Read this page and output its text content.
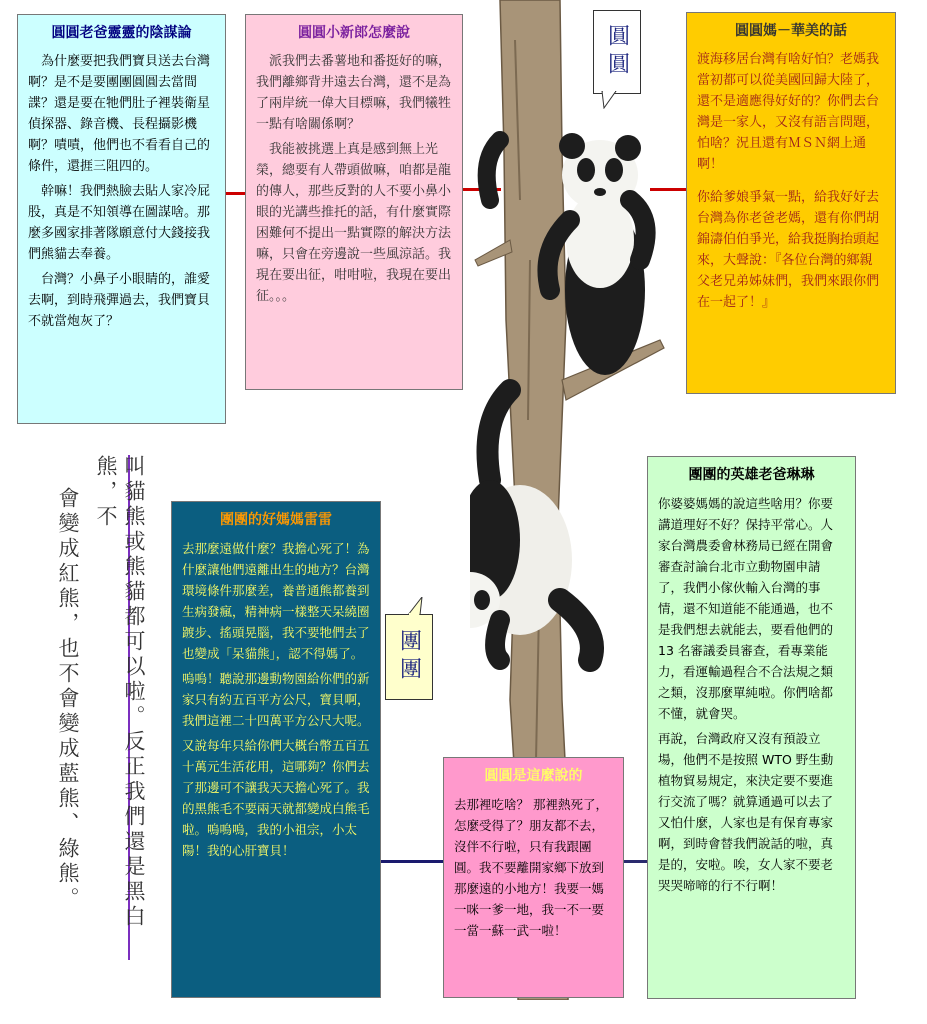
圓圓
團團
圓圓老爸靈靈的陰謀論

　為什麼要把我們寶貝送去台灣啊？是不是要團團圓圓去當間諜？還是要在牠們肚子裡裝衛星偵探器、錄音機、長程攝影機啊？嘖嘖，他們也不看看自己的條件，還捱三阻四的。

　幹嘛！我們熱臉去貼人家冷屁股，真是不知領導在圖謀啥。那麼多國家排著隊願意付大錢接我們熊貓去奉養。

　台灣？小鼻子小眼睛的，誰愛去啊，到時飛彈過去，我們寶貝不就當炮灰了？

圓圓小新郎怎麼說

　派我們去番薯地和番挺好的嘛，我們離鄉背井遠去台灣，還不是為了兩岸統一偉大目標嘛，我們犧牲一點有啥關係啊？

　我能被挑選上真是感到無上光榮，總要有人帶頭做嘛，咱都是龍的傳人，那些反對的人不要小鼻小眼的光講些推托的話，有什麼實際困難何不提出一點實際的解決方法嘛，只會在旁邊說一些風涼話。我現在要出征，咁咁啦，我現在要出征。。。

圓圓媽－華美的話

渡海移居台灣有啥好怕？老媽我當初都可以從美國回歸大陸了，還不是適應得好好的？你們去台灣是一家人，又沒有語言問題，怕啥？況且還有ＭＳＮ網上通啊！

你給爹娘爭氣一點，給我好好去台灣為你老爸老媽，還有你們胡錦濤伯伯爭光，給我挺胸抬頭起來，大聲說：『各位台灣的鄉親父老兄弟姊妹們，我們來跟你們在一起了！』

團團的好媽媽雷雷

去那麼遠做什麼？我擔心死了！為什麼讓他們遠離出生的地方？台灣環境條件那麼差，養普通熊都養到生病發瘋，精神病一樣整天呆繞圈踱步、搖頭晃腦，我不要牠們去了也變成「呆貓熊」，認不得媽了。

嗚嗚！聽說那邊動物園給你們的新家只有約五百平方公尺，寶貝啊，我們這裡二十四萬平方公尺大呢。

又說每年只給你們大概台幣五百五十萬元生活花用，這哪夠？你們去了那邊可不讓我天天擔心死了。我的黑熊毛不要兩天就都變成白熊毛啦。嗚嗚嗚，我的小祖宗，小太陽！我的心肝寶貝！

圓圓是這麼說的

去那裡吃啥？ 那裡熱死了，怎麼受得了？朋友都不去，沒伴不行啦，只有我跟團圓。我不要離開家鄉下放到那麼遠的小地方！我要一媽一咪一爹一地，我一不一要一當一蘇一武一啦！

團團的英雄老爸琳琳

你婆婆媽媽的說這些啥用？你要講道理好不好？保持平常心。人家台灣農委會林務局已經在開會審查討論台北市立動物園申請了，我們小傢伙輸入台灣的事情，還不知道能不能通過，也不是我們想去就能去，要看他們的 13 名審議委員審查，看專業能力，看運輸過程合不合法規之類之類，沒那麼單純啦。你們啥都不懂，就會哭。

再說，台灣政府又沒有預設立場，他們不是按照 WTO 野生動植物貿易規定，來決定要不要進行交流了嗎？就算通過可以去了又怕什麼，人家也是有保育專家啊，到時會替我們說話的啦，真是的，安啦。唉，女人家不要老哭哭啼啼的行不行啊！

叫貓熊或熊貓都可以啦。反正我們還是黑白熊，不
會變成紅熊，也不會變成藍熊、綠熊。
